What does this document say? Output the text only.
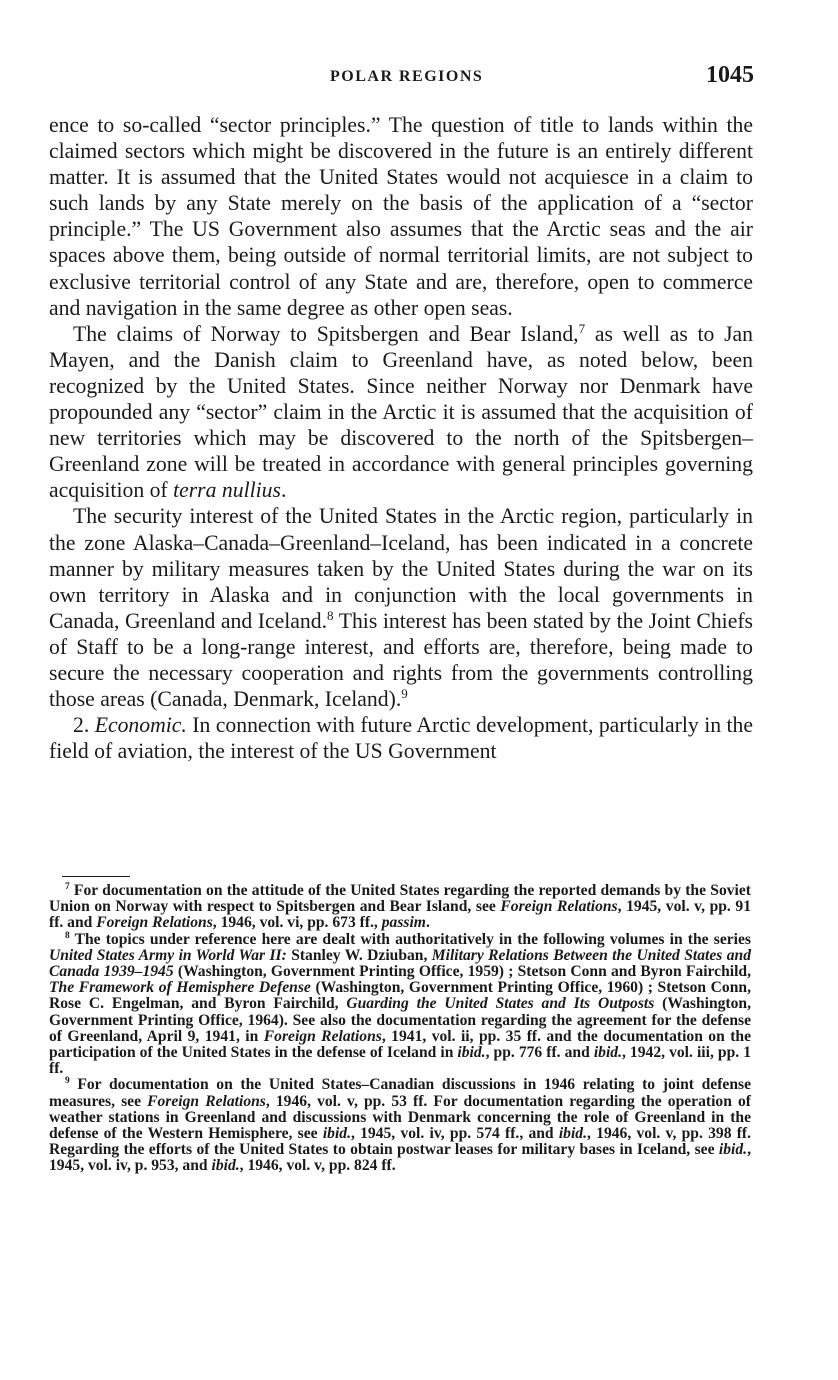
POLAR REGIONS	1045

ence to so-called “sector principles.” The question of title to lands within the claimed sectors which might be discovered in the future is an entirely different matter. It is assumed that the United States would not acquiesce in a claim to such lands by any State merely on the basis of the application of a “sector principle.” The US Government also assumes that the Arctic seas and the air spaces above them, being outside of normal territorial limits, are not subject to exclusive territorial control of any State and are, therefore, open to commerce and navigation in the same degree as other open seas.

The claims of Norway to Spitsbergen and Bear Island,$^7$ as well as to Jan Mayen, and the Danish claim to Greenland have, as noted below, been recognized by the United States. Since neither Norway nor Denmark have propounded any “sector” claim in the Arctic it is assumed that the acquisition of new territories which may be discovered to the north of the Spitsbergen–Greenland zone will be treated in accordance with general principles governing acquisition of terra nullius.

The security interest of the United States in the Arctic region, particularly in the zone Alaska–Canada–Greenland–Iceland, has been indicated in a concrete manner by military measures taken by the United States during the war on its own territory in Alaska and in conjunction with the local governments in Canada, Greenland and Iceland.$^8$ This interest has been stated by the Joint Chiefs of Staff to be a long-range interest, and efforts are, therefore, being made to secure the necessary cooperation and rights from the governments controlling those areas (Canada, Denmark, Iceland).$^9$

2. Economic. In connection with future Arctic development, particularly in the field of aviation, the interest of the US Government

$^7$ For documentation on the attitude of the United States regarding the reported demands by the Soviet Union on Norway with respect to Spitsbergen and Bear Island, see Foreign Relations, 1945, vol. v, pp. 91 ff. and Foreign Relations, 1946, vol. vi, pp. 673 ff., passim.

$^8$ The topics under reference here are dealt with authoritatively in the following volumes in the series United States Army in World War II: Stanley W. Dziuban, Military Relations Between the United States and Canada 1939–1945 (Washington, Government Printing Office, 1959) ; Stetson Conn and Byron Fairchild, The Framework of Hemisphere Defense (Washington, Government Printing Office, 1960) ; Stetson Conn, Rose C. Engelman, and Byron Fairchild, Guarding the United States and Its Outposts (Washington, Government Printing Office, 1964). See also the documentation regarding the agreement for the defense of Greenland, April 9, 1941, in Foreign Relations, 1941, vol. ii, pp. 35 ff. and the documentation on the participation of the United States in the defense of Iceland in ibid., pp. 776 ff. and ibid., 1942, vol. iii, pp. 1 ff.

$^9$ For documentation on the United States–Canadian discussions in 1946 relating to joint defense measures, see Foreign Relations, 1946, vol. v, pp. 53 ff. For documentation regarding the operation of weather stations in Greenland and discussions with Denmark concerning the role of Greenland in the defense of the Western Hemisphere, see ibid., 1945, vol. iv, pp. 574 ff., and ibid., 1946, vol. v, pp. 398 ff. Regarding the efforts of the United States to obtain postwar leases for military bases in Iceland, see ibid., 1945, vol. iv, p. 953, and ibid., 1946, vol. v, pp. 824 ff.
